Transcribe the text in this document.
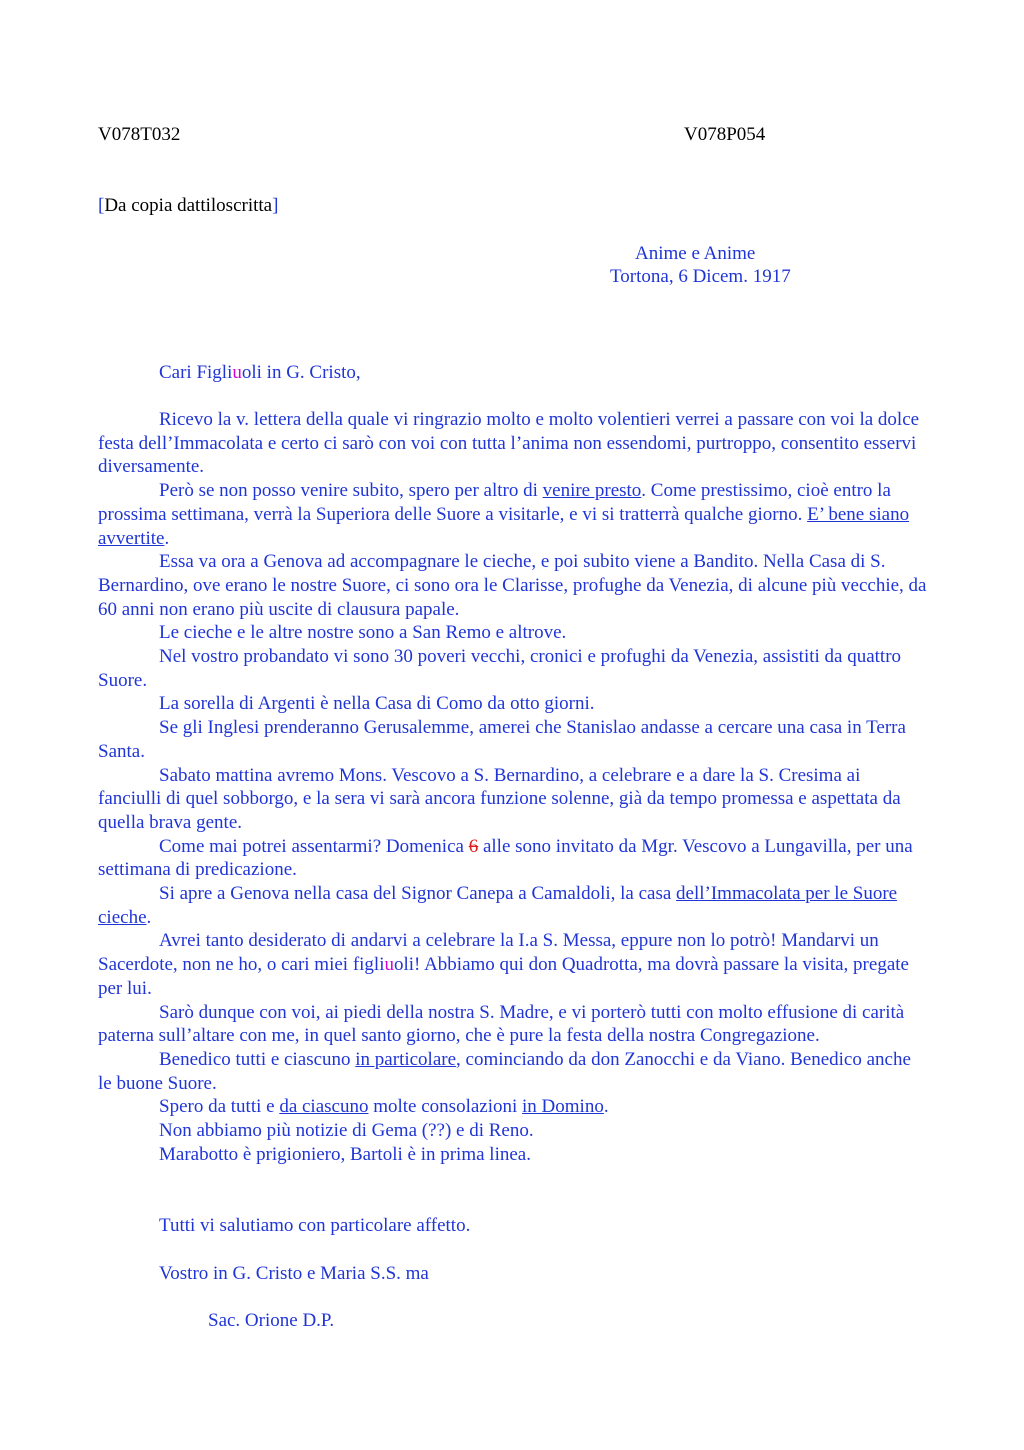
V078T032	V078P054
[Da copia dattiloscritta]
Anime e Anime
Tortona, 6 Dicem. 1917
Cari Figliuoli in G. Cristo,

Ricevo la v. lettera della quale vi ringrazio molto e molto volentieri verrei a passare con voi la dolce festa dell’Immacolata e certo ci sarò con voi con tutta l’anima non essendomi, purtroppo, consentito esservi diversamente.

Però se non posso venire subito, spero per altro di venire presto. Come prestissimo, cioè entro la prossima settimana, verrà la Superiora delle Suore a visitarle, e vi si tratterrà qualche giorno. E’ bene siano avvertite.

Essa va ora a Genova ad accompagnare le cieche, e poi subito viene a Bandito. Nella Casa di S. Bernardino, ove erano le nostre Suore, ci sono ora le Clarisse, profughe da Venezia, di alcune più vecchie, da 60 anni non erano più uscite di clausura papale.

Le cieche e le altre nostre sono a San Remo e altrove.

Nel vostro probandato vi sono 30 poveri vecchi, cronici e profughi da Venezia, assistiti da quattro Suore.

La sorella di Argenti è nella Casa di Como da otto giorni.

Se gli Inglesi prenderanno Gerusalemme, amerei che Stanislao andasse a cercare una casa in Terra Santa.

Sabato mattina avremo Mons. Vescovo a S. Bernardino, a celebrare e a dare la S. Cresima ai fanciulli di quel sobborgo, e la sera vi sarà ancora funzione solenne, già da tempo promessa e aspettata da quella brava gente.

Come mai potrei assentarmi? Domenica 6 alle sono invitato da Mgr. Vescovo a Lungavilla, per una settimana di predicazione.

Si apre a Genova nella casa del Signor Canepa a Camaldoli, la casa dell’Immacolata per le Suore cieche.

Avrei tanto desiderato di andarvi a celebrare la I.a S. Messa, eppure non lo potrò! Mandarvi un Sacerdote, non ne ho, o cari miei figliuoli! Abbiamo qui don Quadrotta, ma dovrà passare la visita, pregate per lui.

Sarò dunque con voi, ai piedi della nostra S. Madre, e vi porterò tutti con molto effusione di carità paterna sull’altare con me, in quel santo giorno, che è pure la festa della nostra Congregazione.

Benedico tutti e ciascuno in particolare, cominciando da don Zanocchi e da Viano. Benedico anche le buone Suore.

Spero da tutti e da ciascuno molte consolazioni in Domino.

Non abbiamo più notizie di Gema (??) e di Reno.

Marabotto è prigioniero, Bartoli è in prima linea.

Tutti vi salutiamo con particolare affetto.
Vostro in G. Cristo e Maria S.S. ma
Sac. Orione D.P.
